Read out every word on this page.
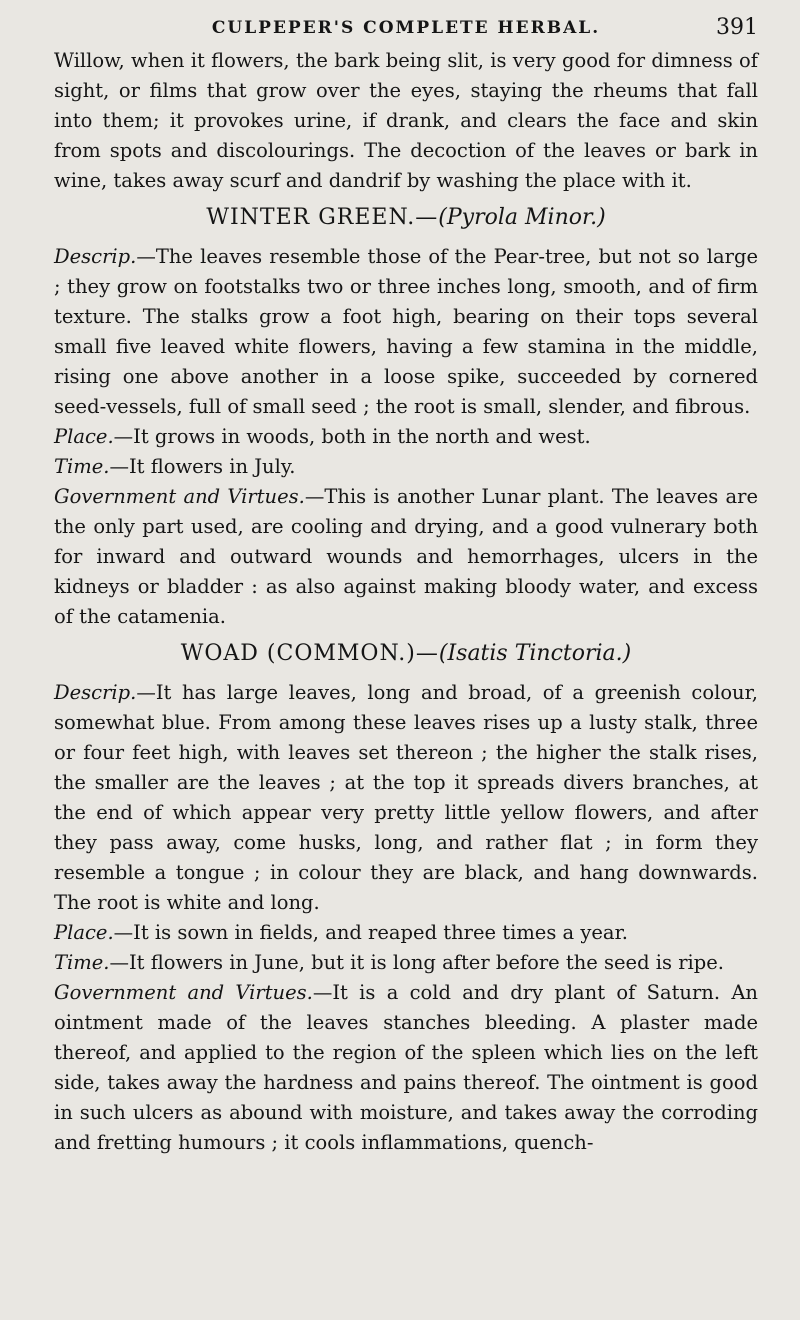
CULPEPER'S COMPLETE HERBAL.	391

Willow, when it flowers, the bark being slit, is very good for dimness of sight, or films that grow over the eyes, staying the rheums that fall into them; it provokes urine, if drank, and clears the face and skin from spots and discolourings. The decoction of the leaves or bark in wine, takes away scurf and dandrif by washing the place with it.

WINTER GREEN.—(Pyrola Minor.)

Descrip.—The leaves resemble those of the Pear-tree, but not so large ; they grow on footstalks two or three inches long, smooth, and of firm texture. The stalks grow a foot high, bearing on their tops several small five leaved white flowers, having a few stamina in the middle, rising one above another in a loose spike, succeeded by cornered seed-vessels, full of small seed ; the root is small, slender, and fibrous.

Place.—It grows in woods, both in the north and west.

Time.—It flowers in July.

Government and Virtues.—This is another Lunar plant. The leaves are the only part used, are cooling and drying, and a good vulnerary both for inward and outward wounds and hemorrhages, ulcers in the kidneys or bladder : as also against making bloody water, and excess of the catamenia.

WOAD (COMMON.)—(Isatis Tinctoria.)

Descrip.—It has large leaves, long and broad, of a greenish colour, somewhat blue. From among these leaves rises up a lusty stalk, three or four feet high, with leaves set thereon ; the higher the stalk rises, the smaller are the leaves ; at the top it spreads divers branches, at the end of which appear very pretty little yellow flowers, and after they pass away, come husks, long, and rather flat ; in form they resemble a tongue ; in colour they are black, and hang downwards. The root is white and long.

Place.—It is sown in fields, and reaped three times a year.

Time.—It flowers in June, but it is long after before the seed is ripe.

Government and Virtues.—It is a cold and dry plant of Saturn. An ointment made of the leaves stanches bleeding. A plaster made thereof, and applied to the region of the spleen which lies on the left side, takes away the hardness and pains thereof. The ointment is good in such ulcers as abound with moisture, and takes away the corroding and fretting humours ; it cools inflammations, quench-
